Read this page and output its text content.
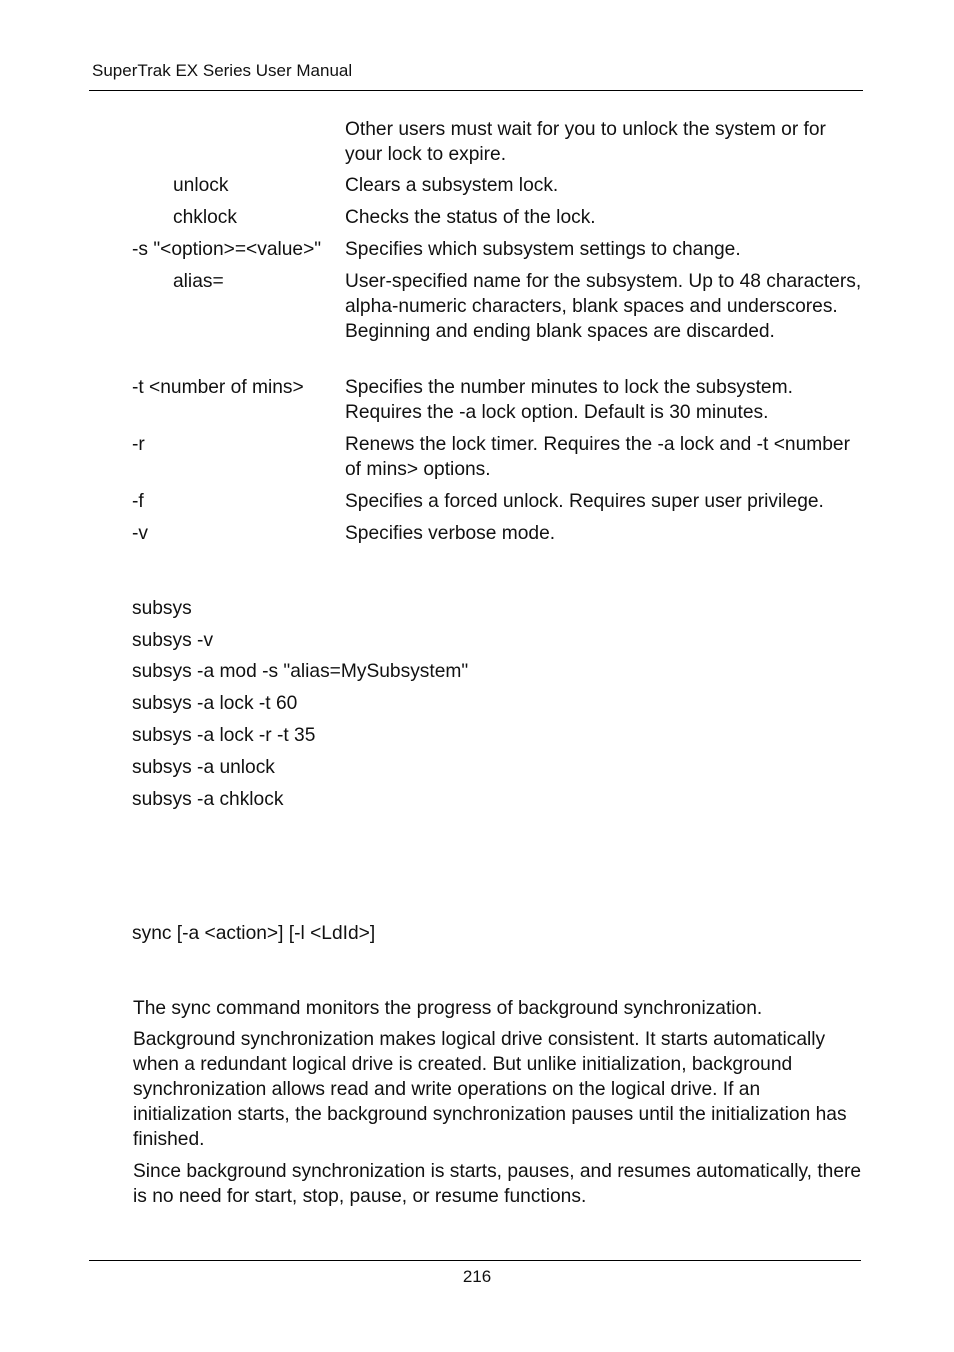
SuperTrak EX Series User Manual
Other users must wait for you to unlock the system or for your lock to expire.
unlock	Clears a subsystem lock.
chklock	Checks the status of the lock.
-s "<option>=<value>" Specifies which subsystem settings to change.
alias=	User-specified name for the subsystem. Up to 48 characters, alpha-numeric characters, blank spaces and underscores. Beginning and ending blank spaces are discarded.
-t <number of mins> Specifies the number minutes to lock the subsystem. Requires the -a lock option. Default is 30 minutes.
-r	Renews the lock timer. Requires the -a lock and -t <number of mins> options.
-f	Specifies a forced unlock. Requires super user privilege.
-v	Specifies verbose mode.
subsys
subsys -v
subsys -a mod -s "alias=MySubsystem"
subsys -a lock -t 60
subsys -a lock -r -t 35
subsys -a unlock
subsys -a chklock
sync [-a <action>] [-l <LdId>]
The sync command monitors the progress of background synchronization.
Background synchronization makes logical drive consistent. It starts automatically when a redundant logical drive is created. But unlike initialization, background synchronization allows read and write operations on the logical drive. If an initialization starts, the background synchronization pauses until the initialization has finished.
Since background synchronization is starts, pauses, and resumes automatically, there is no need for start, stop, pause, or resume functions.
216
